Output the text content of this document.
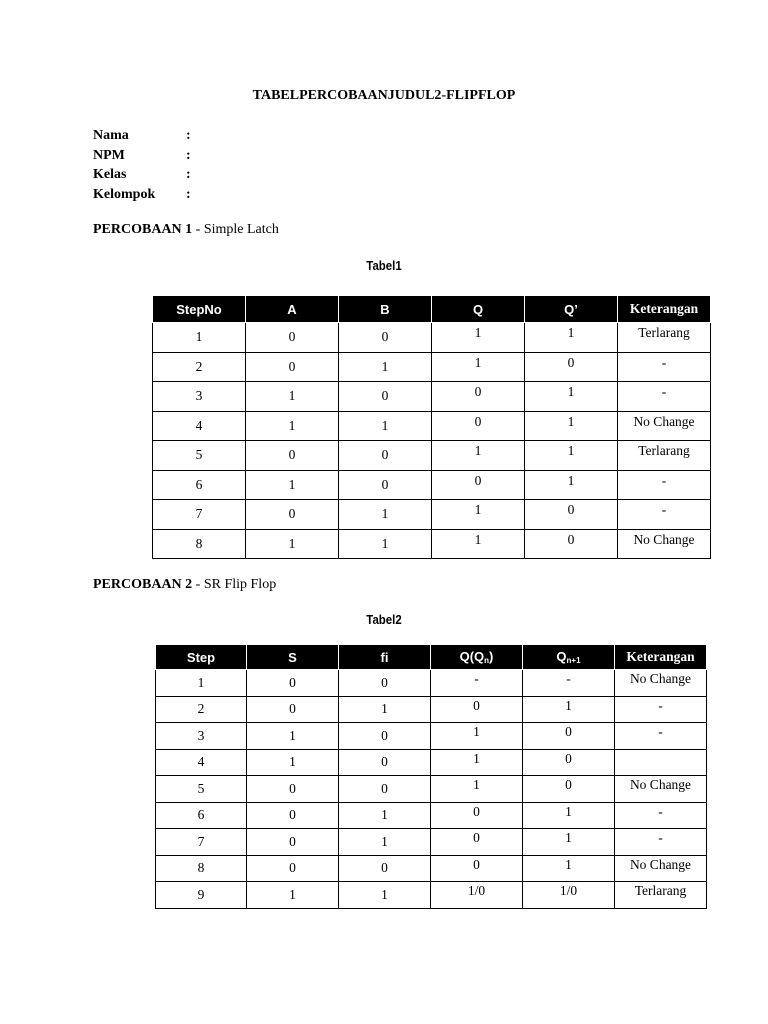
TABELPERCOBAANJUDUL2-FLIPFLOP
Nama	:
NPM	:
Kelas	:
Kelompok	:
PERCOBAAN 1 - Simple Latch
Tabel1
StepNo	A	B	Q	Q’	Keterangan
1	0	0	1	1	Terlarang
2	0	1	1	0	-
3	1	0	0	1	-
4	1	1	0	1	No Change
5	0	0	1	1	Terlarang
6	1	0	0	1	-
7	0	1	1	0	-
8	1	1	1	0	No Change
PERCOBAAN 2 - SR Flip Flop
Tabel2
Step	S	fi	$Q(Q_n)$	$Q_{n+1}$	Keterangan
1	0	0	-	-	No Change
2	0	1	0	1	-
3	1	0	1	0	-
4	1	0	1	0	
5	0	0	1	0	No Change
6	0	1	0	1	-
7	0	1	0	1	-
8	0	0	0	1	No Change
9	1	1	1/0	1/0	Terlarang
